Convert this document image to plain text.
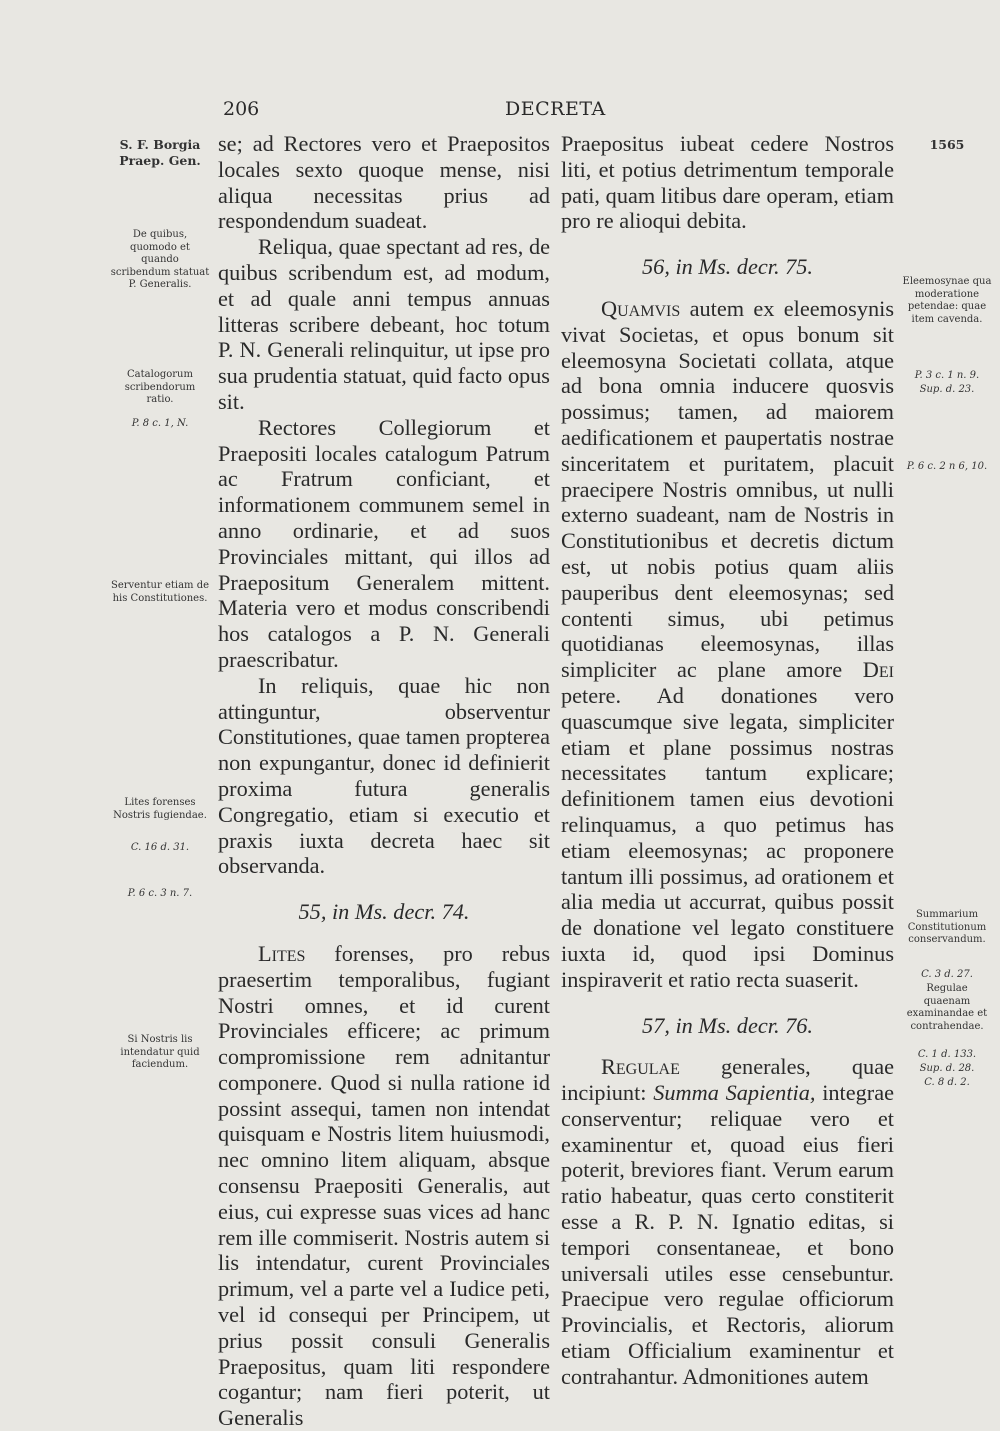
206	DECRETA
S. F. Borgia Praep. Gen.
De quibus, quomodo et quando scribendum statuat P. Generalis.
Catalogorum scribendorum ratio.
P. 8 c. 1, N.
Serventur etiam de his Constitutiones.
Lites forenses Nostris fugiendae.
C. 16 d. 31.
P. 6 c. 3 n. 7.
Si Nostris lis intendatur quid faciendum.
1565
Eleemosynae qua moderatione petendae: quae item cavenda.
P. 3 c. 1 n. 9.
Sup. d. 23.
P. 6 c. 2 n 6, 10.
Summarium Constitutionum conservandum.
C. 3 d. 27.
Regulae quaenam examinandae et contrahendae.
C. 1 d. 133.
Sup. d. 28.
C. 8 d. 2.

se; ad Rectores vero et Praepositos locales sexto quoque mense, nisi aliqua necessitas prius ad respondendum suadeat.

Reliqua, quae spectant ad res, de quibus scribendum est, ad modum, et ad quale anni tempus annuas litteras scribere debeant, hoc totum P. N. Generali relinquitur, ut ipse pro sua prudentia statuat, quid facto opus sit.

Rectores Collegiorum et Praepositi locales catalogum Patrum ac Fratrum conficiant, et informationem communem semel in anno ordinarie, et ad suos Provinciales mittant, qui illos ad Praepositum Generalem mittent. Materia vero et modus conscribendi hos catalogos a P. N. Generali praescribatur.

In reliquis, quae hic non attinguntur, observentur Constitutiones, quae tamen propterea non expungantur, donec id definierit proxima futura generalis Congregatio, etiam si executio et praxis iuxta decreta haec sit observanda.

55, in Ms. decr. 74.

Lites forenses, pro rebus praesertim temporalibus, fugiant Nostri omnes, et id curent Provinciales efficere; ac primum compromissione rem adnitantur componere. Quod si nulla ratione id possint assequi, tamen non intendat quisquam e Nostris litem huiusmodi, nec omnino litem aliquam, absque consensu Praepositi Generalis, aut eius, cui expresse suas vices ad hanc rem ille commiserit. Nostris autem si lis intendatur, curent Provinciales primum, vel a parte vel a Iudice peti, vel id consequi per Principem, ut prius possit consuli Generalis Praepositus, quam liti respondere cogantur; nam fieri poterit, ut Generalis

Praepositus iubeat cedere Nostros liti, et potius detrimentum temporale pati, quam litibus dare operam, etiam pro re alioqui debita.

56, in Ms. decr. 75.

Quamvis autem ex eleemosynis vivat Societas, et opus bonum sit eleemosyna Societati collata, atque ad bona omnia inducere quosvis possimus; tamen, ad maiorem aedificationem et paupertatis nostrae sinceritatem et puritatem, placuit praecipere Nostris omnibus, ut nulli externo suadeant, nam de Nostris in Constitutionibus et decretis dictum est, ut nobis potius quam aliis pauperibus dent eleemosynas; sed contenti simus, ubi petimus quotidianas eleemosynas, illas simpliciter ac plane amore Dei petere. Ad donationes vero quascumque sive legata, simpliciter etiam et plane possimus nostras necessitates tantum explicare; definitionem tamen eius devotioni relinquamus, a quo petimus has etiam eleemosynas; ac proponere tantum illi possimus, ad orationem et alia media ut accurrat, quibus possit de donatione vel legato constituere iuxta id, quod ipsi Dominus inspiraverit et ratio recta suaserit.

57, in Ms. decr. 76.

Regulae generales, quae incipiunt: Summa Sapientia, integrae conserventur; reliquae vero et examinentur et, quoad eius fieri poterit, breviores fiant. Verum earum ratio habeatur, quas certo constiterit esse a R. P. N. Ignatio editas, si tempori consentaneae, et bono universali utiles esse censebuntur. Praecipue vero regulae officiorum Provincialis, et Rectoris, aliorum etiam Officialium examinentur et contrahantur. Admonitiones autem
